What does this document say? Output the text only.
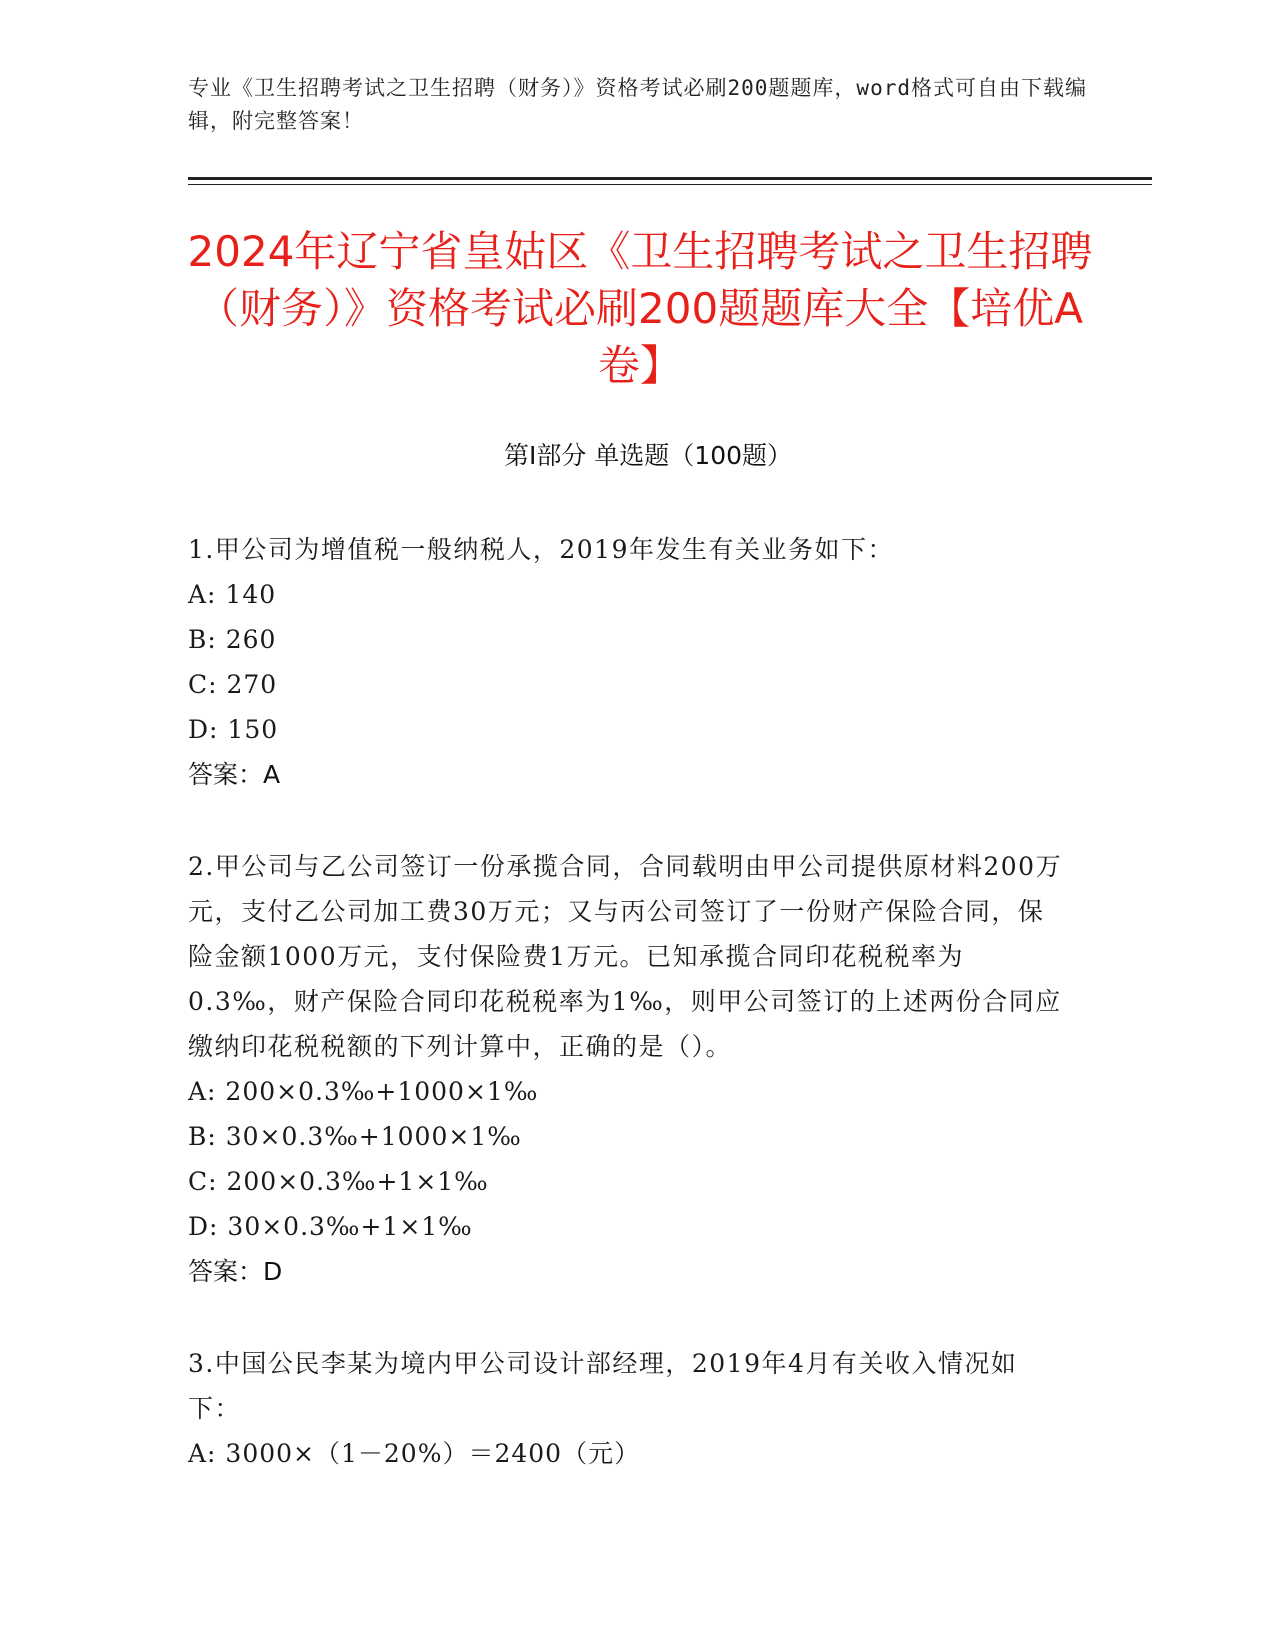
专业《卫生招聘考试之卫生招聘（财务）》资格考试必刷200题题库，word格式可自由下载编辑，附完整答案！
2024年辽宁省皇姑区《卫生招聘考试之卫生招聘（财务）》资格考试必刷200题题库大全【培优A卷】
第Ⅰ部分 单选题（100题）

1.甲公司为增值税一般纳税人，2019年发生有关业务如下：

A: 140

B: 260

C: 270

D: 150

答案：A

2.甲公司与乙公司签订一份承揽合同，合同载明由甲公司提供原材料200万元，支付乙公司加工费30万元；又与丙公司签订了一份财产保险合同，保险金额1000万元，支付保险费1万元。已知承揽合同印花税税率为0.3‰，财产保险合同印花税税率为1‰，则甲公司签订的上述两份合同应缴纳印花税税额的下列计算中，正确的是（）。

A: 200×0.3‰+1000×1‰

B: 30×0.3‰+1000×1‰

C: 200×0.3‰+1×1‰

D: 30×0.3‰+1×1‰

答案：D

3.中国公民李某为境内甲公司设计部经理，2019年4月有关收入情况如下：

A: 3000×（1－20%）＝2400（元）
